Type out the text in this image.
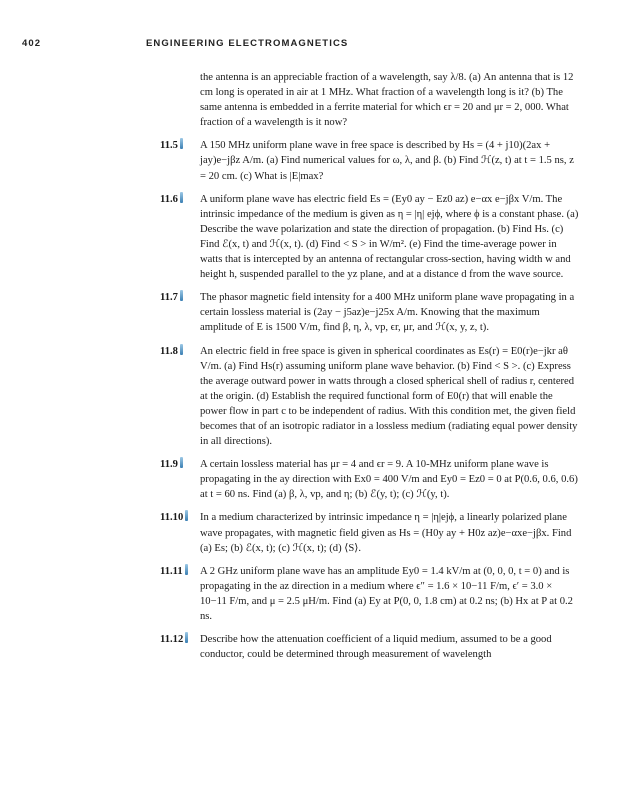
402	ENGINEERING ELECTROMAGNETICS

the antenna is an appreciable fraction of a wavelength, say λ/8. (a) An antenna that is 12 cm long is operated in air at 1 MHz. What fraction of a wavelength long is it? (b) The same antenna is embedded in a ferrite material for which ϵr = 20 and μr = 2, 000. What fraction of a wavelength is it now?

11.5	A 150 MHz uniform plane wave in free space is described by Hs = (4 + j10)(2ax + jay)e−jβz A/m. (a) Find numerical values for ω, λ, and β. (b) Find ℋ(z, t) at t = 1.5 ns, z = 20 cm. (c) What is |E|max?
11.6	A uniform plane wave has electric field Es = (Ey0 ay − Ez0 az) e−αx e−jβx V/m. The intrinsic impedance of the medium is given as η = |η| ejϕ, where ϕ is a constant phase. (a) Describe the wave polarization and state the direction of propagation. (b) Find Hs. (c) Find ℰ(x, t) and ℋ(x, t). (d) Find < S > in W/m². (e) Find the time-average power in watts that is intercepted by an antenna of rectangular cross-section, having width w and height h, suspended parallel to the yz plane, and at a distance d from the wave source.
11.7	The phasor magnetic field intensity for a 400 MHz uniform plane wave propagating in a certain lossless material is (2ay − j5az)e−j25x A/m. Knowing that the maximum amplitude of E is 1500 V/m, find β, η, λ, vp, ϵr, μr, and ℋ(x, y, z, t).
11.8	An electric field in free space is given in spherical coordinates as Es(r) = E0(r)e−jkr aθ V/m. (a) Find Hs(r) assuming uniform plane wave behavior. (b) Find < S >. (c) Express the average outward power in watts through a closed spherical shell of radius r, centered at the origin. (d) Establish the required functional form of E0(r) that will enable the power flow in part c to be independent of radius. With this condition met, the given field becomes that of an isotropic radiator in a lossless medium (radiating equal power density in all directions).
11.9	A certain lossless material has μr = 4 and ϵr = 9. A 10-MHz uniform plane wave is propagating in the ay direction with Ex0 = 400 V/m and Ey0 = Ez0 = 0 at P(0.6, 0.6, 0.6) at t = 60 ns. Find (a) β, λ, vp, and η; (b) ℰ(y, t); (c) ℋ(y, t).
11.10	In a medium characterized by intrinsic impedance η = |η|ejϕ, a linearly polarized plane wave propagates, with magnetic field given as Hs = (H0y ay + H0z az)e−αxe−jβx. Find (a) Es; (b) ℰ(x, t); (c) ℋ(x, t); (d) ⟨S⟩.
11.11	A 2 GHz uniform plane wave has an amplitude Ey0 = 1.4 kV/m at (0, 0, 0, t = 0) and is propagating in the az direction in a medium where ϵ″ = 1.6 × 10−11 F/m, ϵ′ = 3.0 × 10−11 F/m, and μ = 2.5 μH/m. Find (a) Ey at P(0, 0, 1.8 cm) at 0.2 ns; (b) Hx at P at 0.2 ns.
11.12	Describe how the attenuation coefficient of a liquid medium, assumed to be a good conductor, could be determined through measurement of wavelength
